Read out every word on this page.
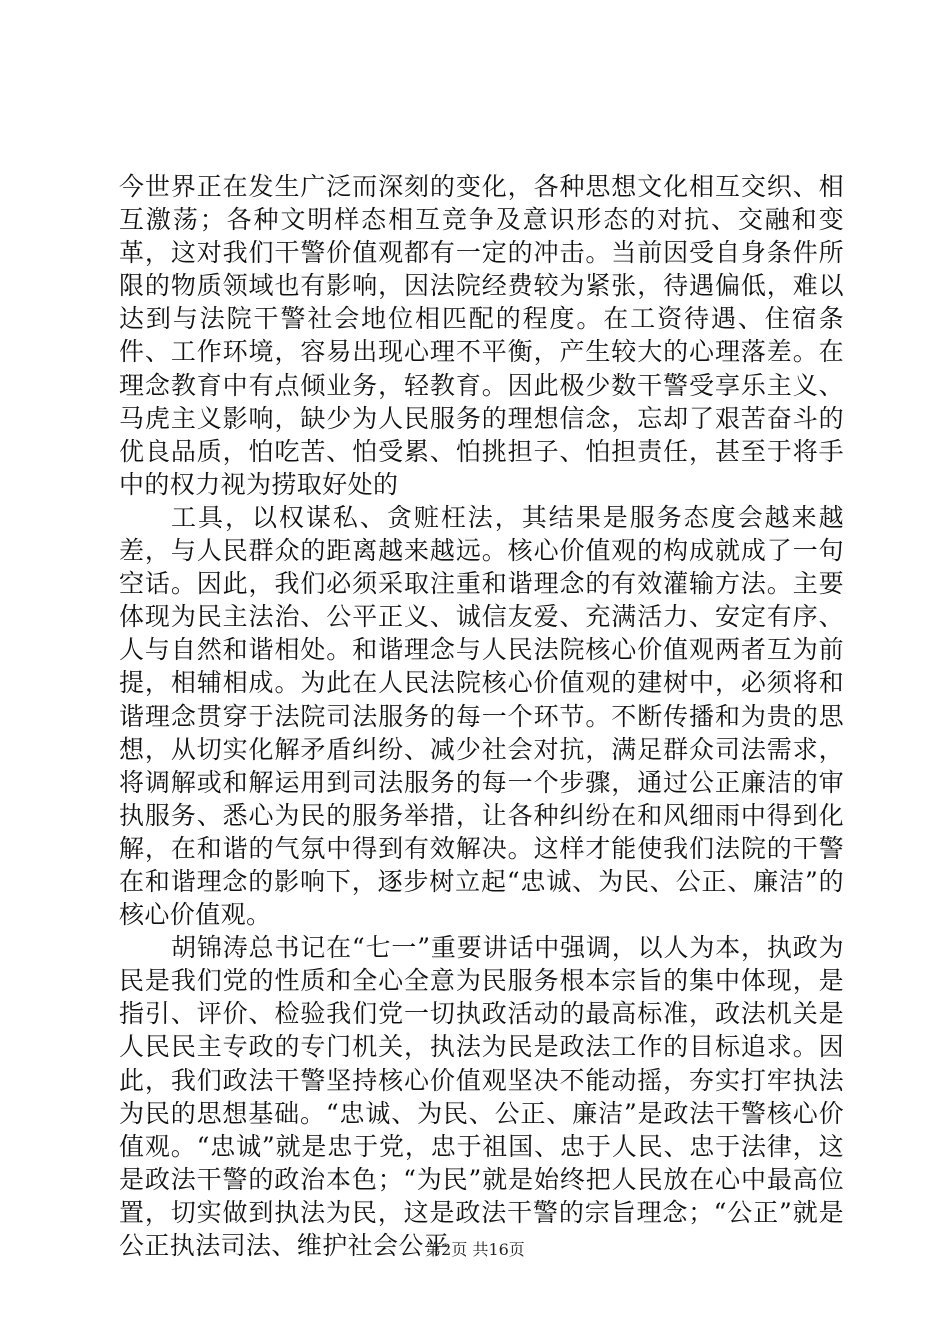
今世界正在发生广泛而深刻的变化，各种思想文化相互交织、相互激荡；各种文明样态相互竞争及意识形态的对抗、交融和变革，这对我们干警价值观都有一定的冲击。当前因受自身条件所限的物质领域也有影响，因法院经费较为紧张，待遇偏低，难以达到与法院干警社会地位相匹配的程度。在工资待遇、住宿条件、工作环境，容易出现心理不平衡，产生较大的心理落差。在理念教育中有点倾业务，轻教育。因此极少数干警受享乐主义、马虎主义影响，缺少为人民服务的理想信念，忘却了艰苦奋斗的优良品质，怕吃苦、怕受累、怕挑担子、怕担责任，甚至于将手中的权力视为捞取好处的

工具，以权谋私、贪赃枉法，其结果是服务态度会越来越差，与人民群众的距离越来越远。核心价值观的构成就成了一句空话。因此，我们必须采取注重和谐理念的有效灌输方法。主要体现为民主法治、公平正义、诚信友爱、充满活力、安定有序、人与自然和谐相处。和谐理念与人民法院核心价值观两者互为前提，相辅相成。为此在人民法院核心价值观的建树中，必须将和谐理念贯穿于法院司法服务的每一个环节。不断传播和为贵的思想，从切实化解矛盾纠纷、减少社会对抗，满足群众司法需求，将调解或和解运用到司法服务的每一个步骤，通过公正廉洁的审执服务、悉心为民的服务举措，让各种纠纷在和风细雨中得到化解，在和谐的气氛中得到有效解决。这样才能使我们法院的干警在和谐理念的影响下，逐步树立起“忠诚、为民、公正、廉洁”的核心价值观。

胡锦涛总书记在“七一”重要讲话中强调，以人为本，执政为民是我们党的性质和全心全意为民服务根本宗旨的集中体现，是指引、评价、检验我们党一切执政活动的最高标准，政法机关是人民民主专政的专门机关，执法为民是政法工作的目标追求。因此，我们政法干警坚持核心价值观坚决不能动摇，夯实打牢执法为民的思想基础。“忠诚、为民、公正、廉洁”是政法干警核心价值观。“忠诚”就是忠于党，忠于祖国、忠于人民、忠于法律，这是政法干警的政治本色；“为民”就是始终把人民放在心中最高位置，切实做到执法为民，这是政法干警的宗旨理念；“公正”就是公正执法司法、维护社会公平

第2页 共16页
